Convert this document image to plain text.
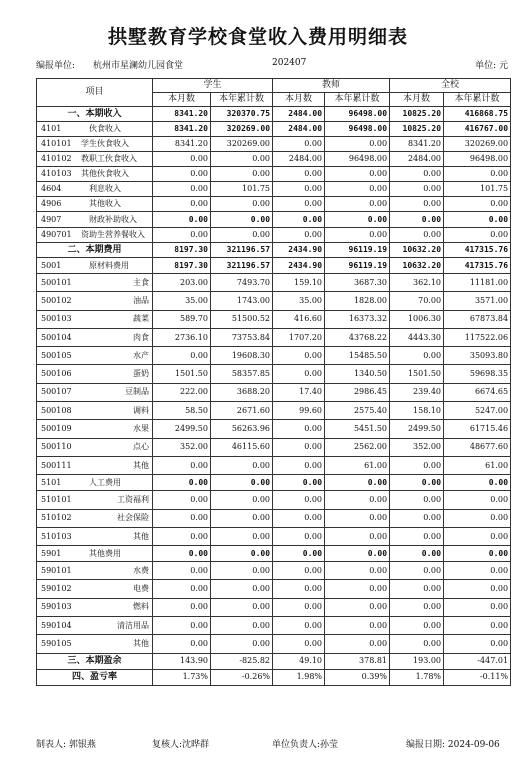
拱墅教育学校食堂收入费用明细表
编报单位: 杭州市星澜幼儿园食堂	202407	单位: 元
项目	学生		教师		全校	
	本月数	本年累计数	本月数	本年累计数	本月数	本年累计数
一、本期收入	8341.20	320370.75	2484.00	96498.00	10825.20	416868.75

4101 伙食收入	8341.20	320269.00	2484.00	96498.00	10825.20	416767.00

410101 学生伙食收入	8341.20	320269.00	0.00	0.00	8341.20	320269.00

410102 教职工伙食收入	0.00	0.00	2484.00	96498.00	2484.00	96498.00

410103 其他伙食收入	0.00	0.00	0.00	0.00	0.00	0.00

4604 利息收入	0.00	101.75	0.00	0.00	0.00	101.75

4906 其他收入	0.00	0.00	0.00	0.00	0.00	0.00

4907 财政补助收入	0.00	0.00	0.00	0.00	0.00	0.00

490701 资助生营养餐收入	0.00	0.00	0.00	0.00	0.00	0.00
二、本期费用	8197.30	321196.57	2434.90	96119.19	10632.20	417315.76

5001 原材料费用	8197.30	321196.57	2434.90	96119.19	10632.20	417315.76

500101 主食	203.00	7493.70	159.10	3687.30	362.10	11181.00

500102 油品	35.00	1743.00	35.00	1828.00	70.00	3571.00

500103 蔬菜	589.70	51500.52	416.60	16373.32	1006.30	67873.84

500104 肉食	2736.10	73753.84	1707.20	43768.22	4443.30	117522.06

500105 水产	0.00	19608.30	0.00	15485.50	0.00	35093.80

500106 蛋奶	1501.50	58357.85	0.00	1340.50	1501.50	59698.35

500107 豆制品	222.00	3688.20	17.40	2986.45	239.40	6674.65

500108 调料	58.50	2671.60	99.60	2575.40	158.10	5247.00

500109 水果	2499.50	56263.96	0.00	5451.50	2499.50	61715.46

500110 点心	352.00	46115.60	0.00	2562.00	352.00	48677.60

500111 其他	0.00	0.00	0.00	61.00	0.00	61.00

5101 人工费用	0.00	0.00	0.00	0.00	0.00	0.00

510101 工资福利	0.00	0.00	0.00	0.00	0.00	0.00

510102 社会保险	0.00	0.00	0.00	0.00	0.00	0.00

510103 其他	0.00	0.00	0.00	0.00	0.00	0.00

5901 其他费用	0.00	0.00	0.00	0.00	0.00	0.00

590101 水费	0.00	0.00	0.00	0.00	0.00	0.00

590102 电费	0.00	0.00	0.00	0.00	0.00	0.00

590103 燃料	0.00	0.00	0.00	0.00	0.00	0.00

590104 清洁用品	0.00	0.00	0.00	0.00	0.00	0.00

590105 其他	0.00	0.00	0.00	0.00	0.00	0.00
三、本期盈余	143.90	-825.82	49.10	378.81	193.00	-447.01
四、盈亏率	1.73%	-0.26%	1.98%	0.39%	1.78%	-0.11%
制表人: 郭银燕	复核人:沈晔群	单位负责人:孙莹	编报日期: 2024-09-06
